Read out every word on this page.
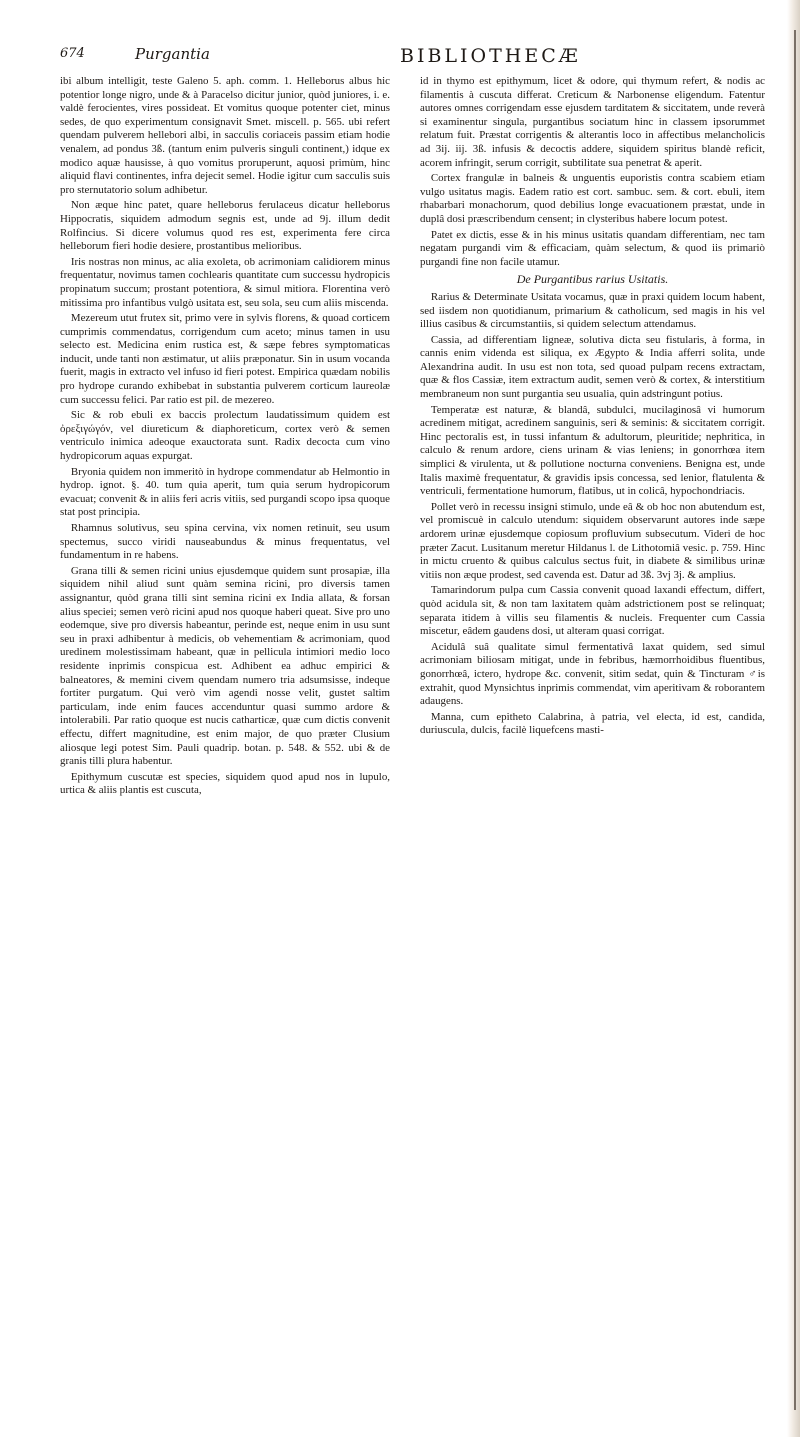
674	Purgantia	BIBLIOTHECÆ

ibi album intelligit, teste Galeno 5. aph. comm. 1. Helleborus albus hic potentior longe nigro, unde & à Paracelso dicitur junior, quòd juniores, i. e. valdè ferocientes, vires possideat. Et vomitus quoque potenter ciet, minus sedes, de quo experimentum consignavit Smet. miscell. p. 565. ubi refert quendam pulverem hellebori albi, in sacculis coriaceis passim etiam hodie venalem, ad pondus 3ß. (tantum enim pulveris singuli continent,) idque ex modico aquæ hausisse, à quo vomitus proruperunt, aquosi primùm, hinc aliquid flavi continentes, infra dejecit semel. Hodie igitur cum sacculis suis pro sternutatorio solum adhibetur.

Non æque hinc patet, quare helleborus ferulaceus dicatur helleborus Hippocratis, siquidem admodum segnis est, unde ad 9j. illum dedit Rolfincius. Si dicere volumus quod res est, experimenta fere circa helleborum fieri hodie desiere, prostantibus melioribus.

Iris nostras non minus, ac alia exoleta, ob acrimoniam calidiorem minus frequentatur, novimus tamen cochlearis quantitate cum successu hydropicis propinatum succum; prostant potentiora, & simul mitiora. Florentina verò mitissima pro infantibus vulgò usitata est, seu sola, seu cum aliis miscenda.

Mezereum utut frutex sit, primo vere in sylvis florens, & quoad corticem cumprimis commendatus, corrigendum cum aceto; minus tamen in usu selecto est. Medicina enim rustica est, & sæpe febres symptomaticas inducit, unde tanti non æstimatur, ut aliis præponatur. Sin in usum vocanda fuerit, magis in extracto vel infuso id fieri potest. Empirica quædam nobilis pro hydrope curando exhibebat in substantia pulverem corticum laureolæ cum successu felici. Par ratio est pil. de mezereo.

Sic & rob ebuli ex baccis prolectum laudatissimum quidem est ὀρεξιγώγόν, vel diureticum & diaphoreticum, cortex verò & semen ventriculo inimica adeoque exauctorata sunt. Radix decocta cum vino hydropicorum aquas expurgat.

Bryonia quidem non immeritò in hydrope commendatur ab Helmontio in hydrop. ignot. §. 40. tum quia aperit, tum quia serum hydropicorum evacuat; convenit & in aliis feri acris vitiis, sed purgandi scopo ipsa quoque stat post principia.

Rhamnus solutivus, seu spina cervina, vix nomen retinuit, seu usum spectemus, succo viridi nauseabundus & minus frequentatus, vel fundamentum in re habens.

Grana tilli & semen ricini unius ejusdemque quidem sunt prosapiæ, illa siquidem nihil aliud sunt quàm semina ricini, pro diversis tamen assignantur, quòd grana tilli sint semina ricini ex India allata, & forsan alius speciei; semen verò ricini apud nos quoque haberi queat. Sive pro uno eodemque, sive pro diversis habeantur, perinde est, neque enim in usu sunt seu in praxi adhibentur à medicis, ob vehementiam & acrimoniam, quod uredinem molestissimam habeant, quæ in pellicula intimiori medio loco residente inprimis conspicua est. Adhibent ea adhuc empirici & balneatores, & memini civem quendam numero tria adsumsisse, indeque fortiter purgatum. Qui verò vim agendi nosse velit, gustet saltim particulam, inde enim fauces accenduntur quasi summo ardore & intolerabili. Par ratio quoque est nucis catharticæ, quæ cum dictis convenit effectu, differt magnitudine, est enim major, de quo præter Clusium aliosque legi potest Sim. Pauli quadrip. botan. p. 548. & 552. ubi & de granis tilli plura habentur.

Epithymum cuscutæ est species, siquidem quod apud nos in lupulo, urtica & aliis plantis est cuscuta,

id in thymo est epithymum, licet & odore, qui thymum refert, & nodis ac filamentis à cuscuta differat. Creticum & Narbonense eligendum. Fatentur autores omnes corrigendam esse ejusdem tarditatem & siccitatem, unde reverà si examinentur singula, purgantibus sociatum hinc in classem ipsorummet relatum fuit. Præstat corrigentis & alterantis loco in affectibus melancholicis ad 3ij. iij. 3ß. infusis & decoctis addere, siquidem spiritus blandè reficit, acorem infringit, serum corrigit, subtilitate sua penetrat & aperit.

Cortex frangulæ in balneis & unguentis euporistis contra scabiem etiam vulgo usitatus magis. Eadem ratio est cort. sambuc. sem. & cort. ebuli, item rhabarbari monachorum, quod debilius longe evacuationem præstat, unde in duplâ dosi præscribendum censent; in clysteribus habere locum potest.

Patet ex dictis, esse & in his minus usitatis quandam differentiam, nec tam negatam purgandi vim & efficaciam, quàm selectum, & quod iis primariò purgandi fine non facile utamur.

De Purgantibus rarius Usitatis.

Rarius & Determinate Usitata vocamus, quæ in praxi quidem locum habent, sed iisdem non quotidianum, primarium & catholicum, sed magis in his vel illius casibus & circumstantiis, si quidem selectum attendamus.

Cassia, ad differentiam ligneæ, solutiva dicta seu fistularis, à forma, in cannis enim videnda est siliqua, ex Ægypto & India afferri solita, unde Alexandrina audit. In usu est non tota, sed quoad pulpam recens extractam, quæ & flos Cassiæ, item extractum audit, semen verò & cortex, & interstitium membraneum non sunt purgantia seu usualia, quin adstringunt potius.

Temperatæ est naturæ, & blandâ, subdulci, mucilaginosâ vi humorum acredinem mitigat, acredinem sanguinis, seri & seminis: & siccitatem corrigit. Hinc pectoralis est, in tussi infantum & adultorum, pleuritide; nephritica, in calculo & renum ardore, ciens urinam & vias leniens; in gonorrhœa item simplici & virulenta, ut & pollutione nocturna conveniens. Benigna est, unde Italis maximè frequentatur, & gravidis ipsis concessa, sed lenior, flatulenta & ventriculi, fermentatione humorum, flatibus, ut in colicâ, hypochondriacis.

Pollet verò in recessu insigni stimulo, unde eâ & ob hoc non abutendum est, vel promiscuè in calculo utendum: siquidem observarunt autores inde sæpe ardorem urinæ ejusdemque copiosum profluvium subsecutum. Videri de hoc præter Zacut. Lusitanum meretur Hildanus l. de Lithotomiâ vesic. p. 759. Hinc in mictu cruento & quibus calculus sectus fuit, in diabete & similibus urinæ vitiis non æque prodest, sed cavenda est. Datur ad 3ß. 3vj 3j. & amplius.

Tamarindorum pulpa cum Cassia convenit quoad laxandi effectum, differt, quòd acidula sit, & non tam laxitatem quàm adstrictionem post se relinquat; separata itidem à villis seu filamentis & nucleis. Frequenter cum Cassia miscetur, eâdem gaudens dosi, ut alteram quasi corrigat.

Acidulâ suâ qualitate simul fermentativâ laxat quidem, sed simul acrimoniam biliosam mitigat, unde in febribus, hæmorrhoidibus fluentibus, gonorrhœâ, ictero, hydrope &c. convenit, sitim sedat, quin & Tincturam ♂is extrahit, quod Mynsichtus inprimis commendat, vim aperitivam & roborantem adaugens.

Manna, cum epitheto Calabrina, à patria, vel electa, id est, candida, duriuscula, dulcis, facilè liquefcens masti-
